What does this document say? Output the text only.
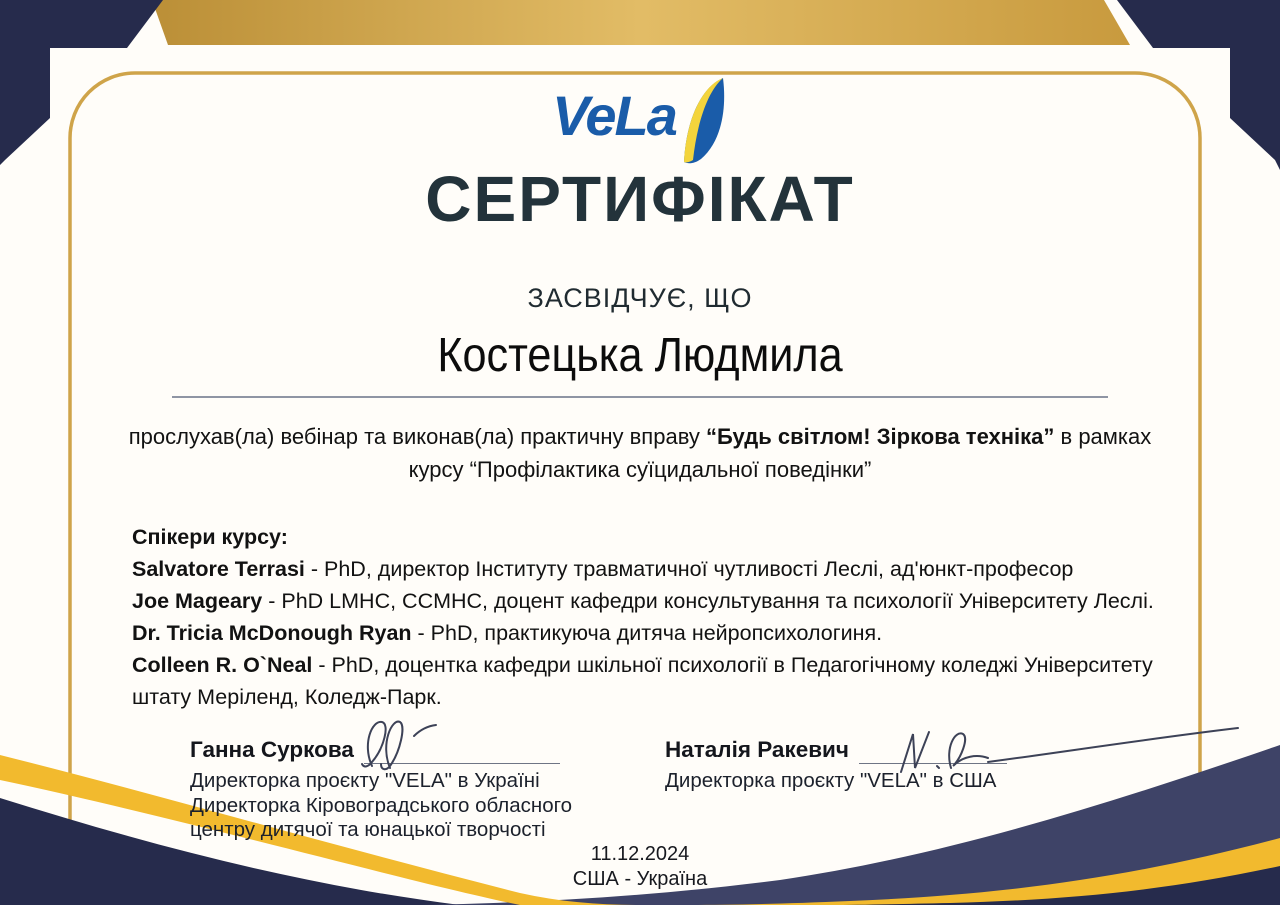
VeLa
СЕРТИФІКАТ
ЗАСВІДЧУЄ, ЩО
Костецька Людмила
прослухав(ла) вебінар та виконав(ла) практичну вправу “Будь світлом! Зіркова техніка” в рамках
курсу “Профілактика суїцидальної поведінки”
Спікери курсу:
Salvatore Terrasi - PhD, директор Інституту травматичної чутливості Леслі, ад'юнкт-професор
Joe Mageary - PhD LMHC, CCMHC, доцент кафедри консультування та психології Університету Леслі.
Dr. Tricia McDonough Ryan - PhD, практикуюча дитяча нейропсихологиня.
Colleen R. O`Neal - PhD, доцентка кафедри шкільної психології в Педагогічному коледжі Університету штату Меріленд, Коледж-Парк.
Ганна Суркова
Директорка проєкту "VELA" в Україні
Директорка Кіровоградського обласного
центру дитячої та юнацької творчості
Наталія Ракевич
Директорка проєкту "VELA" в США
11.12.2024
США - Україна
